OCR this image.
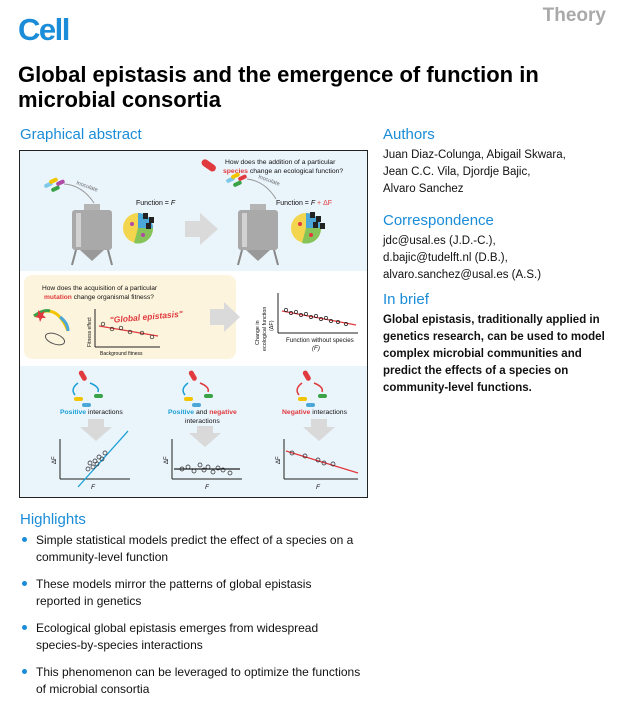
Cell	Theory
Global epistasis and the emergence of function in microbial consortia
Graphical abstract
How does the addition of a particular
species change an ecological function?
Inoculate
Function = F
Inoculate
Function = F + ΔF
How does the acquisition of a particular
mutation change organismal fitness?
"Global epistasis"
Fitness effect
Background fitness
Change in ecological function (ΔF)
Function without species
(F)
Positive interactions	Positive and negative
interactions
Negative interactions
ΔF
F
ΔF
F
ΔF
F
Authors
Juan Diaz-Colunga, Abigail Skwara,
Jean C.C. Vila, Djordje Bajic,
Alvaro Sanchez
Correspondence
jdc@usal.es (J.D.-C.),
d.bajic@tudelft.nl (D.B.),
alvaro.sanchez@usal.es (A.S.)
In brief
Global epistasis, traditionally applied in
genetics research, can be used to model
complex microbial communities and
predict the effects of a species on
community-level functions.
Highlights
Simple statistical models predict the effect of a species on a
community-level function
These models mirror the patterns of global epistasis
reported in genetics
Ecological global epistasis emerges from widespread
species-by-species interactions
This phenomenon can be leveraged to optimize the functions
of microbial consortia
